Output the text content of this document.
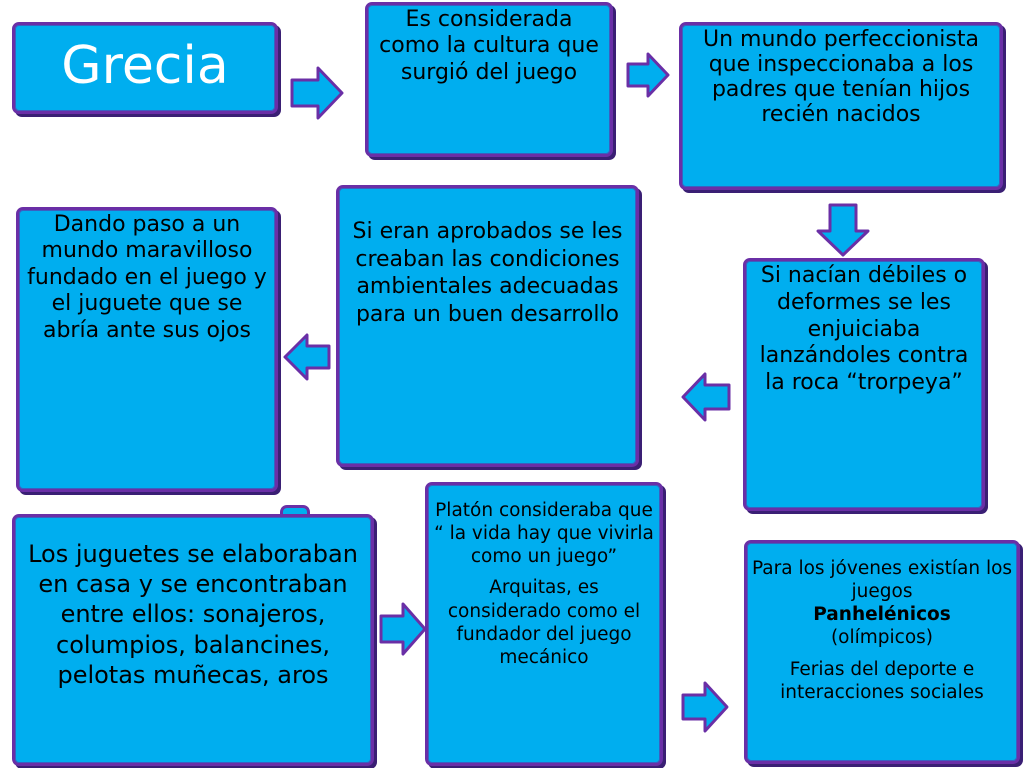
Grecia

Es considerada como la cultura que surgió del juego

Un mundo perfeccionista que inspeccionaba a los padres que tenían hijos recién nacidos

Dando paso a un mundo maravilloso fundado en el juego y el juguete que se abría ante sus ojos

Si eran aprobados se les creaban las condiciones ambientales adecuadas para un buen desarrollo

Si nacían débiles o deformes se les enjuiciaba lanzándoles contra la roca “trorpeya”

Los juguetes se elaboraban en casa y se encontraban entre ellos: sonajeros, columpios, balancines, pelotas muñecas, aros

Platón consideraba que “ la vida hay que vivirla como un juego”

Arquitas, es considerado como el fundador del juego mecánico

Para los jóvenes existían los juegos
Panhelénicos
(olímpicos)

Ferias del deporte e interacciones sociales
